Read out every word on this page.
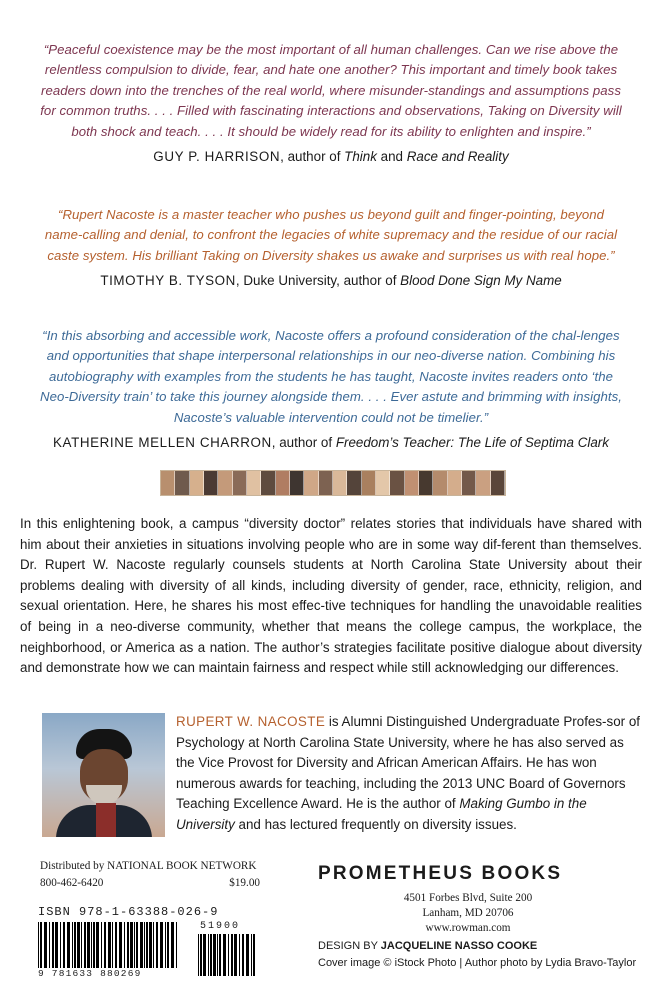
“Peaceful coexistence may be the most important of all human challenges. Can we rise above the relentless compulsion to divide, fear, and hate one another? This important and timely book takes readers down into the trenches of the real world, where misunder-standings and assumptions pass for common truths. . . . Filled with fascinating interactions and observations, Taking on Diversity will both shock and teach. . . . It should be widely read for its ability to enlighten and inspire.”
GUY P. HARRISON, author of Think and Race and Reality
“Rupert Nacoste is a master teacher who pushes us beyond guilt and finger-pointing, beyond name-calling and denial, to confront the legacies of white supremacy and the residue of our racial caste system. His brilliant Taking on Diversity shakes us awake and surprises us with real hope.”
TIMOTHY B. TYSON, Duke University, author of Blood Done Sign My Name
“In this absorbing and accessible work, Nacoste offers a profound consideration of the chal-lenges and opportunities that shape interpersonal relationships in our neo-diverse nation. Combining his autobiography with examples from the students he has taught, Nacoste invites readers onto ‘the Neo-Diversity train’ to take this journey alongside them. . . . Ever astute and brimming with insights, Nacoste’s valuable intervention could not be timelier.”
KATHERINE MELLEN CHARRON, author of Freedom’s Teacher: The Life of Septima Clark
In this enlightening book, a campus “diversity doctor” relates stories that individuals have shared with him about their anxieties in situations involving people who are in some way dif-ferent than themselves. Dr. Rupert W. Nacoste regularly counsels students at North Carolina State University about their problems dealing with diversity of all kinds, including diversity of gender, race, ethnicity, religion, and sexual orientation. Here, he shares his most effec-tive techniques for handling the unavoidable realities of being in a neo-diverse community, whether that means the college campus, the workplace, the neighborhood, or America as a nation. The author’s strategies facilitate positive dialogue about diversity and demonstrate how we can maintain fairness and respect while still acknowledging our differences.
RUPERT W. NACOSTE is Alumni Distinguished Undergraduate Profes-sor of Psychology at North Carolina State University, where he has also served as the Vice Provost for Diversity and African American Affairs. He has won numerous awards for teaching, including the 2013 UNC Board of Governors Teaching Excellence Award. He is the author of Making Gumbo in the University and has lectured frequently on diversity issues.
Distributed by NATIONAL BOOK NETWORK
800-462-6420	$19.00
ISBN 978-1-63388-026-9
9 781633 880269
51900
PROMETHEUS BOOKS
4501 Forbes Blvd, Suite 200
Lanham, MD 20706
www.rowman.com
DESIGN BY JACQUELINE NASSO COOKE
Cover image © iStock Photo | Author photo by Lydia Bravo-Taylor
